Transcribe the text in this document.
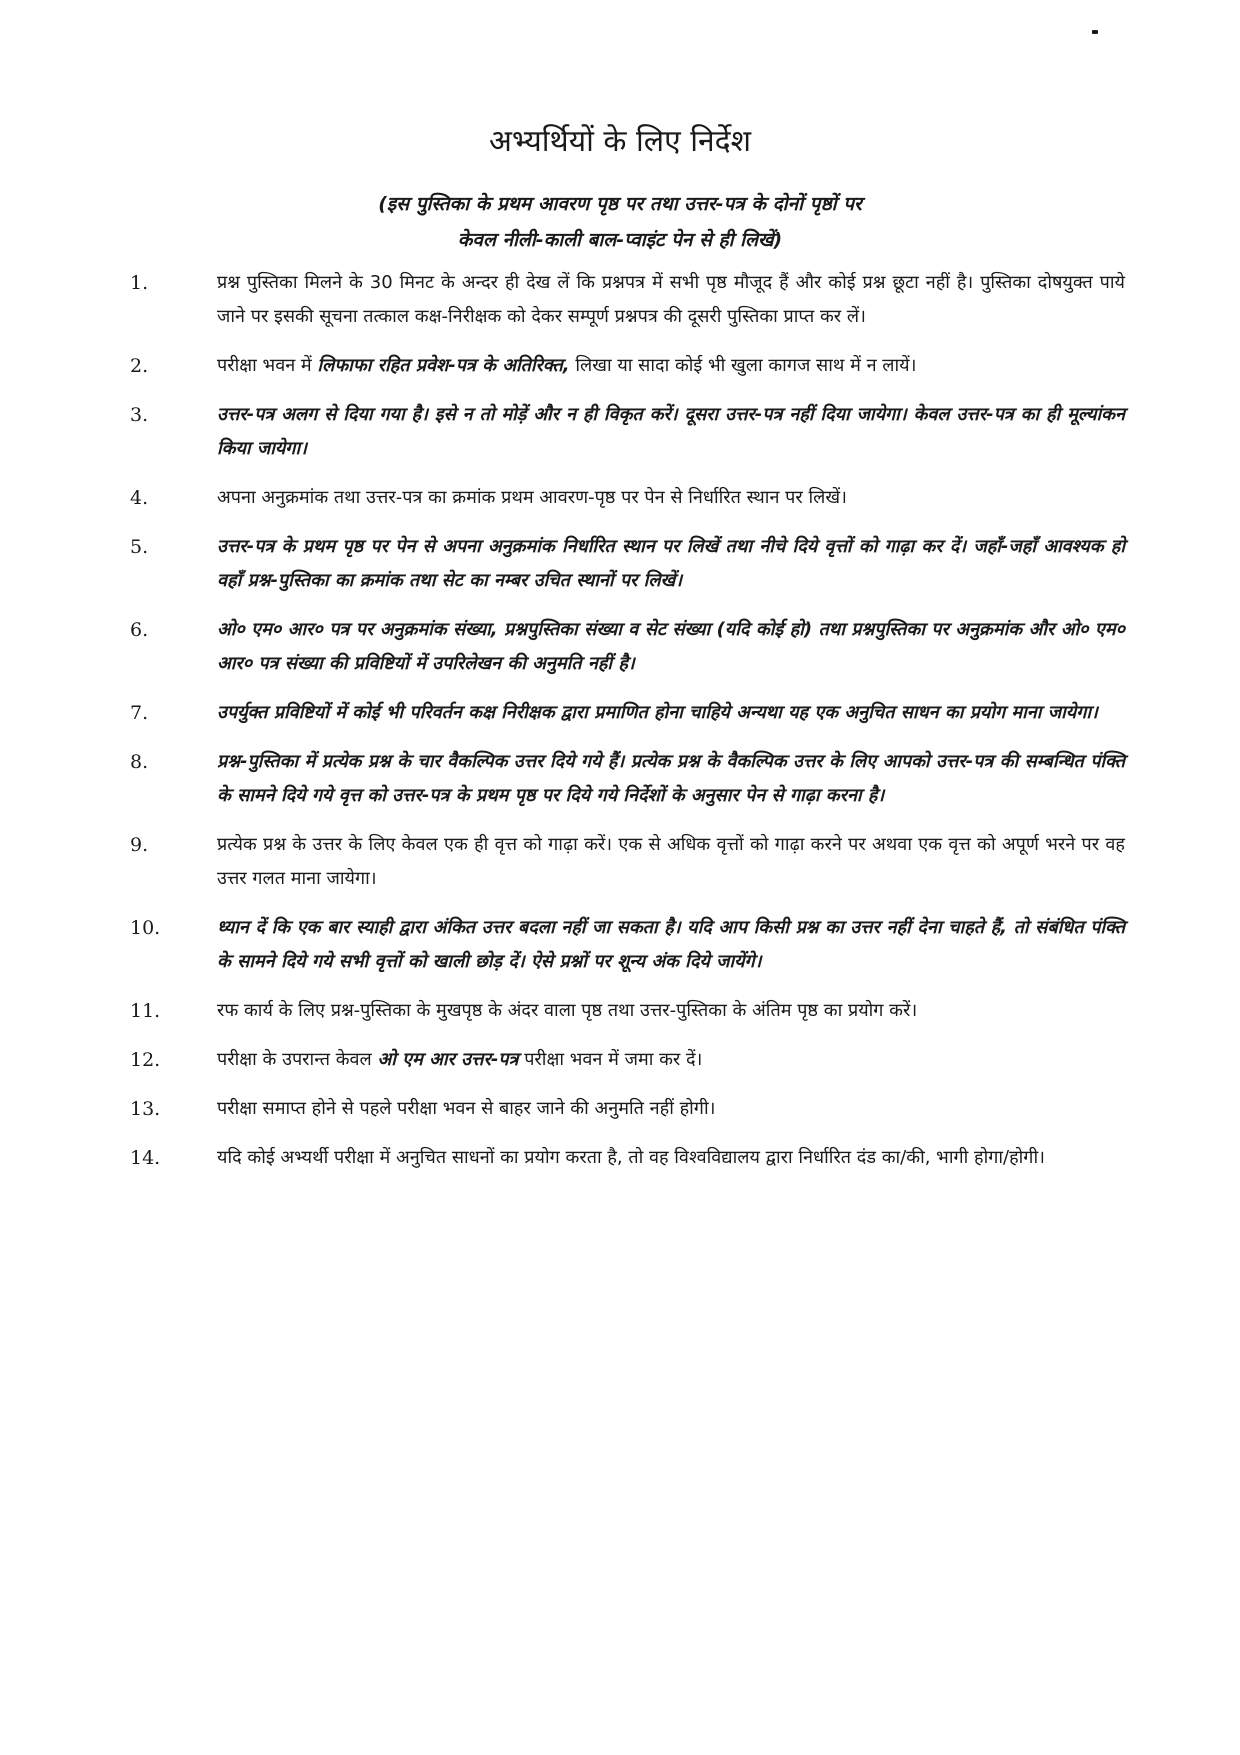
अभ्यर्थियों के लिए निर्देश

(इस पुस्तिका के प्रथम आवरण पृष्ठ पर तथा उत्तर-पत्र के दोनों पृष्ठों पर
केवल नीली-काली बाल-प्वाइंट पेन से ही लिखें)

1.	प्रश्न पुस्तिका मिलने के 30 मिनट के अन्दर ही देख लें कि प्रश्नपत्र में सभी पृष्ठ मौजूद हैं और कोई प्रश्न छूटा नहीं है। पुस्तिका दोषयुक्त पाये जाने पर इसकी सूचना तत्काल कक्ष-निरीक्षक को देकर सम्पूर्ण प्रश्नपत्र की दूसरी पुस्तिका प्राप्त कर लें।
2.	परीक्षा भवन में लिफाफा रहित प्रवेश-पत्र के अतिरिक्त, लिखा या सादा कोई भी खुला कागज साथ में न लायें।
3.	उत्तर-पत्र अलग से दिया गया है। इसे न तो मोड़ें और न ही विकृत करें। दूसरा उत्तर-पत्र नहीं दिया जायेगा। केवल उत्तर-पत्र का ही मूल्यांकन किया जायेगा।
4.	अपना अनुक्रमांक तथा उत्तर-पत्र का क्रमांक प्रथम आवरण-पृष्ठ पर पेन से निर्धारित स्थान पर लिखें।
5.	उत्तर-पत्र के प्रथम पृष्ठ पर पेन से अपना अनुक्रमांक निर्धारित स्थान पर लिखें तथा नीचे दिये वृत्तों को गाढ़ा कर दें। जहाँ-जहाँ आवश्यक हो वहाँ प्रश्न-पुस्तिका का क्रमांक तथा सेट का नम्बर उचित स्थानों पर लिखें।
6.	ओ० एम० आर० पत्र पर अनुक्रमांक संख्या, प्रश्नपुस्तिका संख्या व सेट संख्या (यदि कोई हो) तथा प्रश्नपुस्तिका पर अनुक्रमांक और ओ० एम० आर० पत्र संख्या की प्रविष्टियों में उपरिलेखन की अनुमति नहीं है।
7.	उपर्युक्त प्रविष्टियों में कोई भी परिवर्तन कक्ष निरीक्षक द्वारा प्रमाणित होना चाहिये अन्यथा यह एक अनुचित साधन का प्रयोग माना जायेगा।
8.	प्रश्न-पुस्तिका में प्रत्येक प्रश्न के चार वैकल्पिक उत्तर दिये गये हैं। प्रत्येक प्रश्न के वैकल्पिक उत्तर के लिए आपको उत्तर-पत्र की सम्बन्धित पंक्ति के सामने दिये गये वृत्त को उत्तर-पत्र के प्रथम पृष्ठ पर दिये गये निर्देशों के अनुसार पेन से गाढ़ा करना है।
9.	प्रत्येक प्रश्न के उत्तर के लिए केवल एक ही वृत्त को गाढ़ा करें। एक से अधिक वृत्तों को गाढ़ा करने पर अथवा एक वृत्त को अपूर्ण भरने पर वह उत्तर गलत माना जायेगा।
10.	ध्यान दें कि एक बार स्याही द्वारा अंकित उत्तर बदला नहीं जा सकता है। यदि आप किसी प्रश्न का उत्तर नहीं देना चाहते हैं, तो संबंधित पंक्ति के सामने दिये गये सभी वृत्तों को खाली छोड़ दें। ऐसे प्रश्नों पर शून्य अंक दिये जायेंगे।
11.	रफ कार्य के लिए प्रश्न-पुस्तिका के मुखपृष्ठ के अंदर वाला पृष्ठ तथा उत्तर-पुस्तिका के अंतिम पृष्ठ का प्रयोग करें।
12.	परीक्षा के उपरान्त केवल ओ एम आर उत्तर-पत्र परीक्षा भवन में जमा कर दें।
13.	परीक्षा समाप्त होने से पहले परीक्षा भवन से बाहर जाने की अनुमति नहीं होगी।
14.	यदि कोई अभ्यर्थी परीक्षा में अनुचित साधनों का प्रयोग करता है, तो वह विश्वविद्यालय द्वारा निर्धारित दंड का/की, भागी होगा/होगी।
